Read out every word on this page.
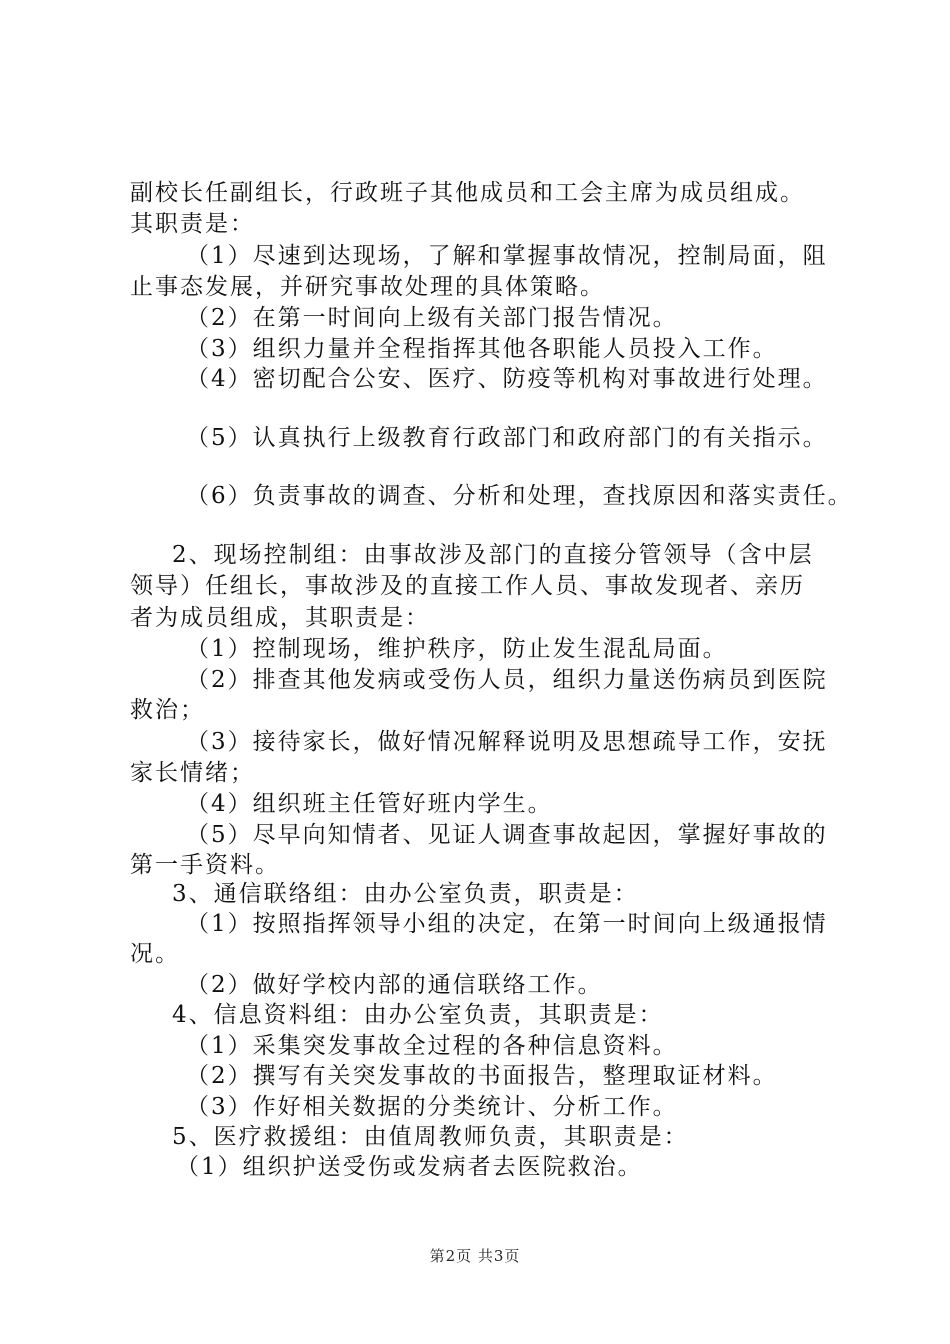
副校长任副组长，行政班子其他成员和工会主席为成员组成。

其职责是：

（1）尽速到达现场，了解和掌握事故情况，控制局面，阻

止事态发展，并研究事故处理的具体策略。

（2）在第一时间向上级有关部门报告情况。

（3）组织力量并全程指挥其他各职能人员投入工作。

（4）密切配合公安、医疗、防疫等机构对事故进行处理。

（5）认真执行上级教育行政部门和政府部门的有关指示。

（6）负责事故的调查、分析和处理，查找原因和落实责任。

2、现场控制组：由事故涉及部门的直接分管领导（含中层

领导）任组长，事故涉及的直接工作人员、事故发现者、亲历

者为成员组成，其职责是：

（1）控制现场，维护秩序，防止发生混乱局面。

（2）排查其他发病或受伤人员，组织力量送伤病员到医院

救治；

（3）接待家长，做好情况解释说明及思想疏导工作，安抚

家长情绪；

（4）组织班主任管好班内学生。

（5）尽早向知情者、见证人调查事故起因，掌握好事故的

第一手资料。

3、通信联络组：由办公室负责，职责是：

（1）按照指挥领导小组的决定，在第一时间向上级通报情

况。

（2）做好学校内部的通信联络工作。

4、信息资料组：由办公室负责，其职责是：

（1）采集突发事故全过程的各种信息资料。

（2）撰写有关突发事故的书面报告，整理取证材料。

（3）作好相关数据的分类统计、分析工作。

5、医疗救援组：由值周教师负责，其职责是：

（1）组织护送受伤或发病者去医院救治。

第2页 共3页
